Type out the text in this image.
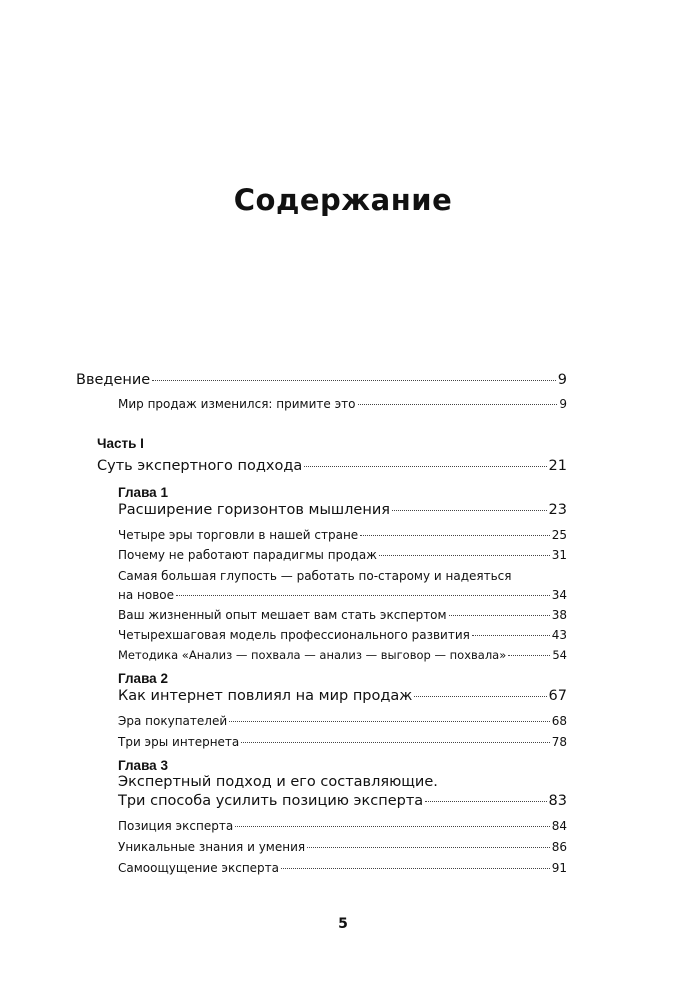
Содержание
Введение	9
Мир продаж изменился: примите это	9
Часть I
Суть экспертного подхода	21
Глава 1
Расширение горизонтов мышления	23
Четыре эры торговли в нашей стране	25
Почему не работают парадигмы продаж	31
Самая большая глупость — работать по-старому и надеяться
на новое	34
Ваш жизненный опыт мешает вам стать экспертом	38
Четырехшаговая модель профессионального развития	43
Методика «Анализ — похвала — анализ — выговор — похвала»	54
Глава 2
Как интернет повлиял на мир продаж	67
Эра покупателей	68
Три эры интернета	78
Глава 3
Экспертный подход и его составляющие.
Три способа усилить позицию эксперта	83
Позиция эксперта	84
Уникальные знания и умения	86
Самоощущение эксперта	91
5
